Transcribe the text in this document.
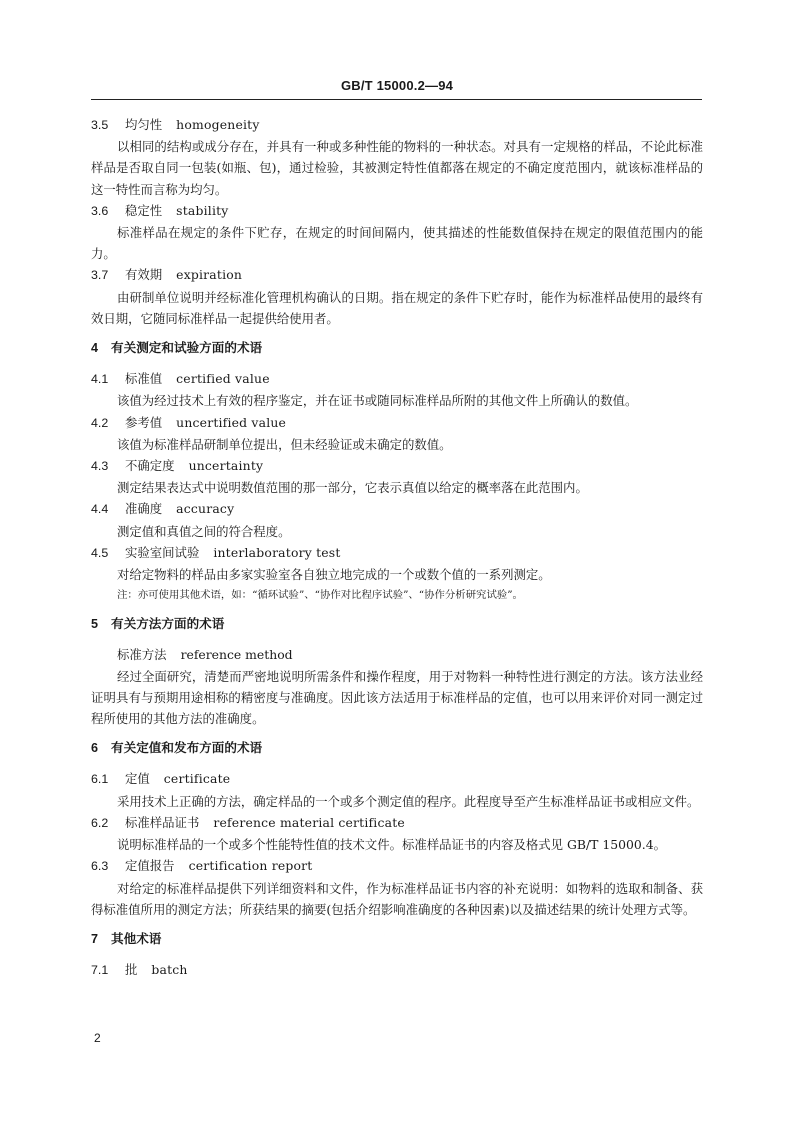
GB/T 15000.2—94

3.5 均匀性 homogeneity

以相同的结构或成分存在，并具有一种或多种性能的物料的一种状态。对具有一定规格的样品，不论此标准样品是否取自同一包装(如瓶、包)，通过检验，其被测定特性值都落在规定的不确定度范围内，就该标准样品的这一特性而言称为均匀。

3.6 稳定性 stability

标准样品在规定的条件下贮存，在规定的时间间隔内，使其描述的性能数值保持在规定的限值范围内的能力。

3.7 有效期 expiration

由研制单位说明并经标准化管理机构确认的日期。指在规定的条件下贮存时，能作为标准样品使用的最终有效日期，它随同标准样品一起提供给使用者。

4 有关测定和试验方面的术语

4.1 标准值 certified value

该值为经过技术上有效的程序鉴定，并在证书或随同标准样品所附的其他文件上所确认的数值。

4.2 参考值 uncertified value

该值为标准样品研制单位提出，但未经验证或未确定的数值。

4.3 不确定度 uncertainty

测定结果表达式中说明数值范围的那一部分，它表示真值以给定的概率落在此范围内。

4.4 准确度 accuracy

测定值和真值之间的符合程度。

4.5 实验室间试验 interlaboratory test

对给定物料的样品由多家实验室各自独立地完成的一个或数个值的一系列测定。

注：亦可使用其他术语，如：“循环试验”、“协作对比程序试验”、“协作分析研究试验”。

5 有关方法方面的术语

标准方法 reference method

经过全面研究，清楚而严密地说明所需条件和操作程度，用于对物料一种特性进行测定的方法。该方法业经证明具有与预期用途相称的精密度与准确度。因此该方法适用于标准样品的定值，也可以用来评价对同一测定过程所使用的其他方法的准确度。

6 有关定值和发布方面的术语

6.1 定值 certificate

采用技术上正确的方法，确定样品的一个或多个测定值的程序。此程度导至产生标准样品证书或相应文件。

6.2 标准样品证书 reference material certificate

说明标准样品的一个或多个性能特性值的技术文件。标准样品证书的内容及格式见 GB/T 15000.4。

6.3 定值报告 certification report

对给定的标准样品提供下列详细资料和文件，作为标准样品证书内容的补充说明：如物料的选取和制备、获得标准值所用的测定方法；所获结果的摘要(包括介绍影响准确度的各种因素)以及描述结果的统计处理方式等。

7 其他术语

7.1 批 batch

2
